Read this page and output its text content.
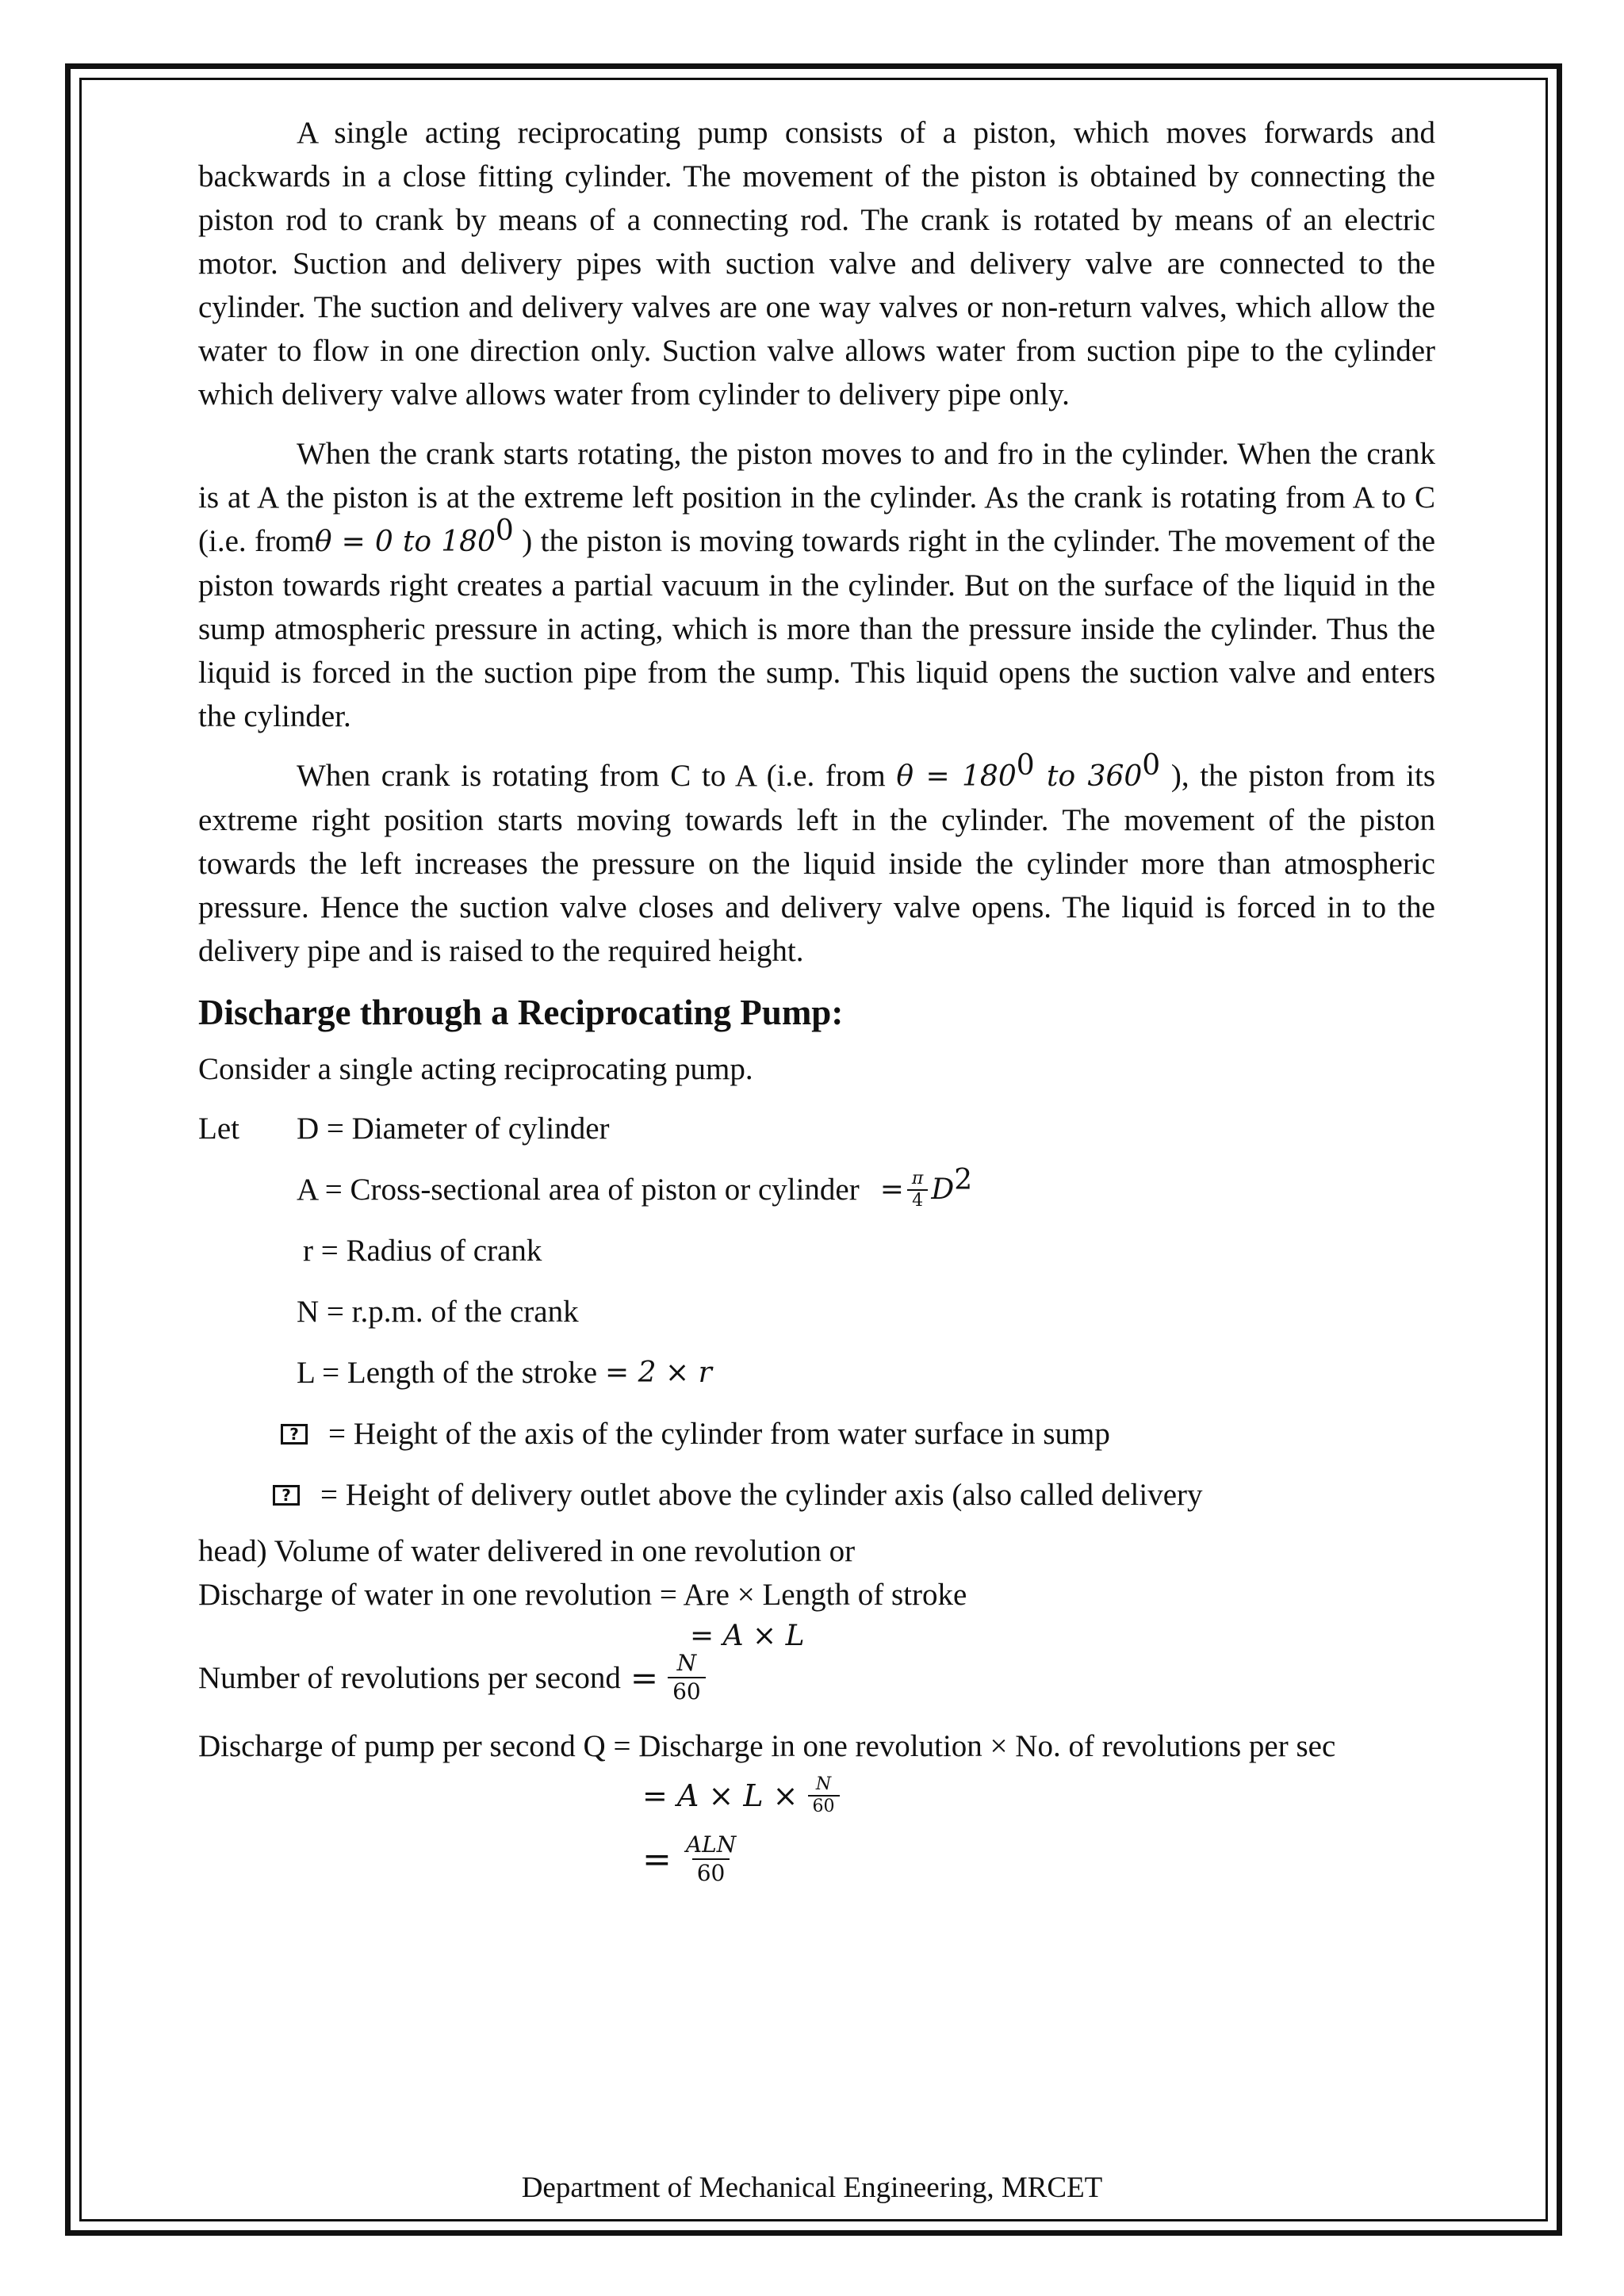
A single acting reciprocating pump consists of a piston, which moves forwards and backwards in a close fitting cylinder. The movement of the piston is obtained by connecting the piston rod to crank by means of a connecting rod. The crank is rotated by means of an electric motor. Suction and delivery pipes with suction valve and delivery valve are connected to the cylinder. The suction and delivery valves are one way valves or non-return valves, which allow the water to flow in one direction only. Suction valve allows water from suction pipe to the cylinder which delivery valve allows water from cylinder to delivery pipe only.

When the crank starts rotating, the piston moves to and fro in the cylinder. When the crank is at A the piston is at the extreme left position in the cylinder. As the crank is rotating from A to C (i.e. fromθ = 0 to $180^0$ ) the piston is moving towards right in the cylinder. The movement of the piston towards right creates a partial vacuum in the cylinder. But on the surface of the liquid in the sump atmospheric pressure in acting, which is more than the pressure inside the cylinder. Thus the liquid is forced in the suction pipe from the sump. This liquid opens the suction valve and enters the cylinder.

When crank is rotating from C to A (i.e. from $\theta = 180^0$ to $360^0$ ), the piston from its extreme right position starts moving towards left in the cylinder. The movement of the piston towards the left increases the pressure on the liquid inside the cylinder more than atmospheric pressure. Hence the suction valve closes and delivery valve opens. The liquid is forced in to the delivery pipe and is raised to the required height.

Discharge through a Reciprocating Pump:
Consider a single acting reciprocating pump.
Let	D = Diameter of cylinder
A = Cross-sectional area of piston or cylinder = $\frac{\pi}{4} D^2$
r = Radius of crank
N = r.p.m. of the crank
L = Length of the stroke = 2 × r
? = Height of the axis of the cylinder from water surface in sump
? = Height of delivery outlet above the cylinder axis (also called delivery
head) Volume of water delivered in one revolution or
Discharge of water in one revolution = Are × Length of stroke
= A × L
Number of revolutions per second = $\frac{N}{60}$
Discharge of pump per second Q = Discharge in one revolution × No. of revolutions per sec
= $A \times L \times \frac{N}{60}$
= $\frac{\text{ALN}}{60}$
Department of Mechanical Engineering, MRCET
